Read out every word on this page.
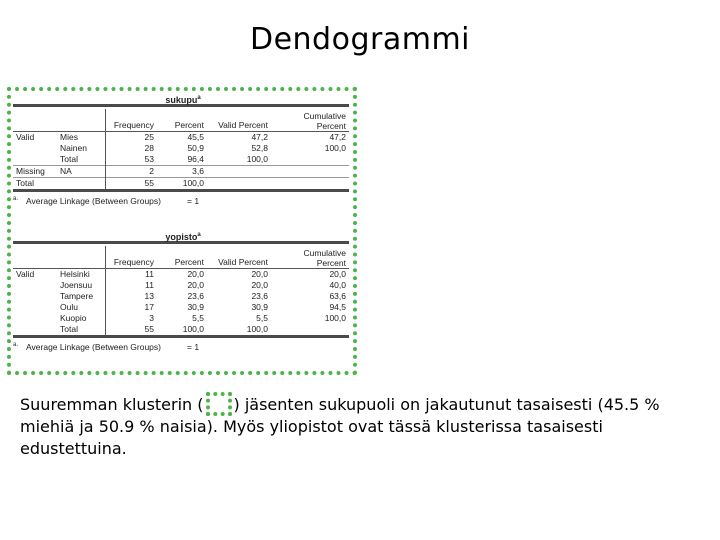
Dendogrammi
sukupu$^a$

		Frequency	Percent	Valid Percent	Cumulative Percent
Valid	Mies	25	45,5	47,2	47,2
	Nainen	28	50,9	52,8	100,0
	Total	53	96,4	100,0	
Missing	NA	2	3,6		
Total		55	100,0		
$^{a.}$ Average Linkage (Between Groups)	= 1
yopisto$^a$

		Frequency	Percent	Valid Percent	Cumulative Percent
Valid	Helsinki	11	20,0	20,0	20,0
	Joensuu	11	20,0	20,0	40,0
	Tampere	13	23,6	23,6	63,6
	Oulu	17	30,9	30,9	94,5
	Kuopio	3	5,5	5,5	100,0
	Total	55	100,0	100,0	
$^{a.}$ Average Linkage (Between Groups)	= 1
Suuremman klusterin ( ) jäsenten sukupuoli on jakautunut tasaisesti (45.5 % miehiä ja 50.9 % naisia). Myös yliopistot ovat tässä klusterissa tasaisesti edustettuina.
